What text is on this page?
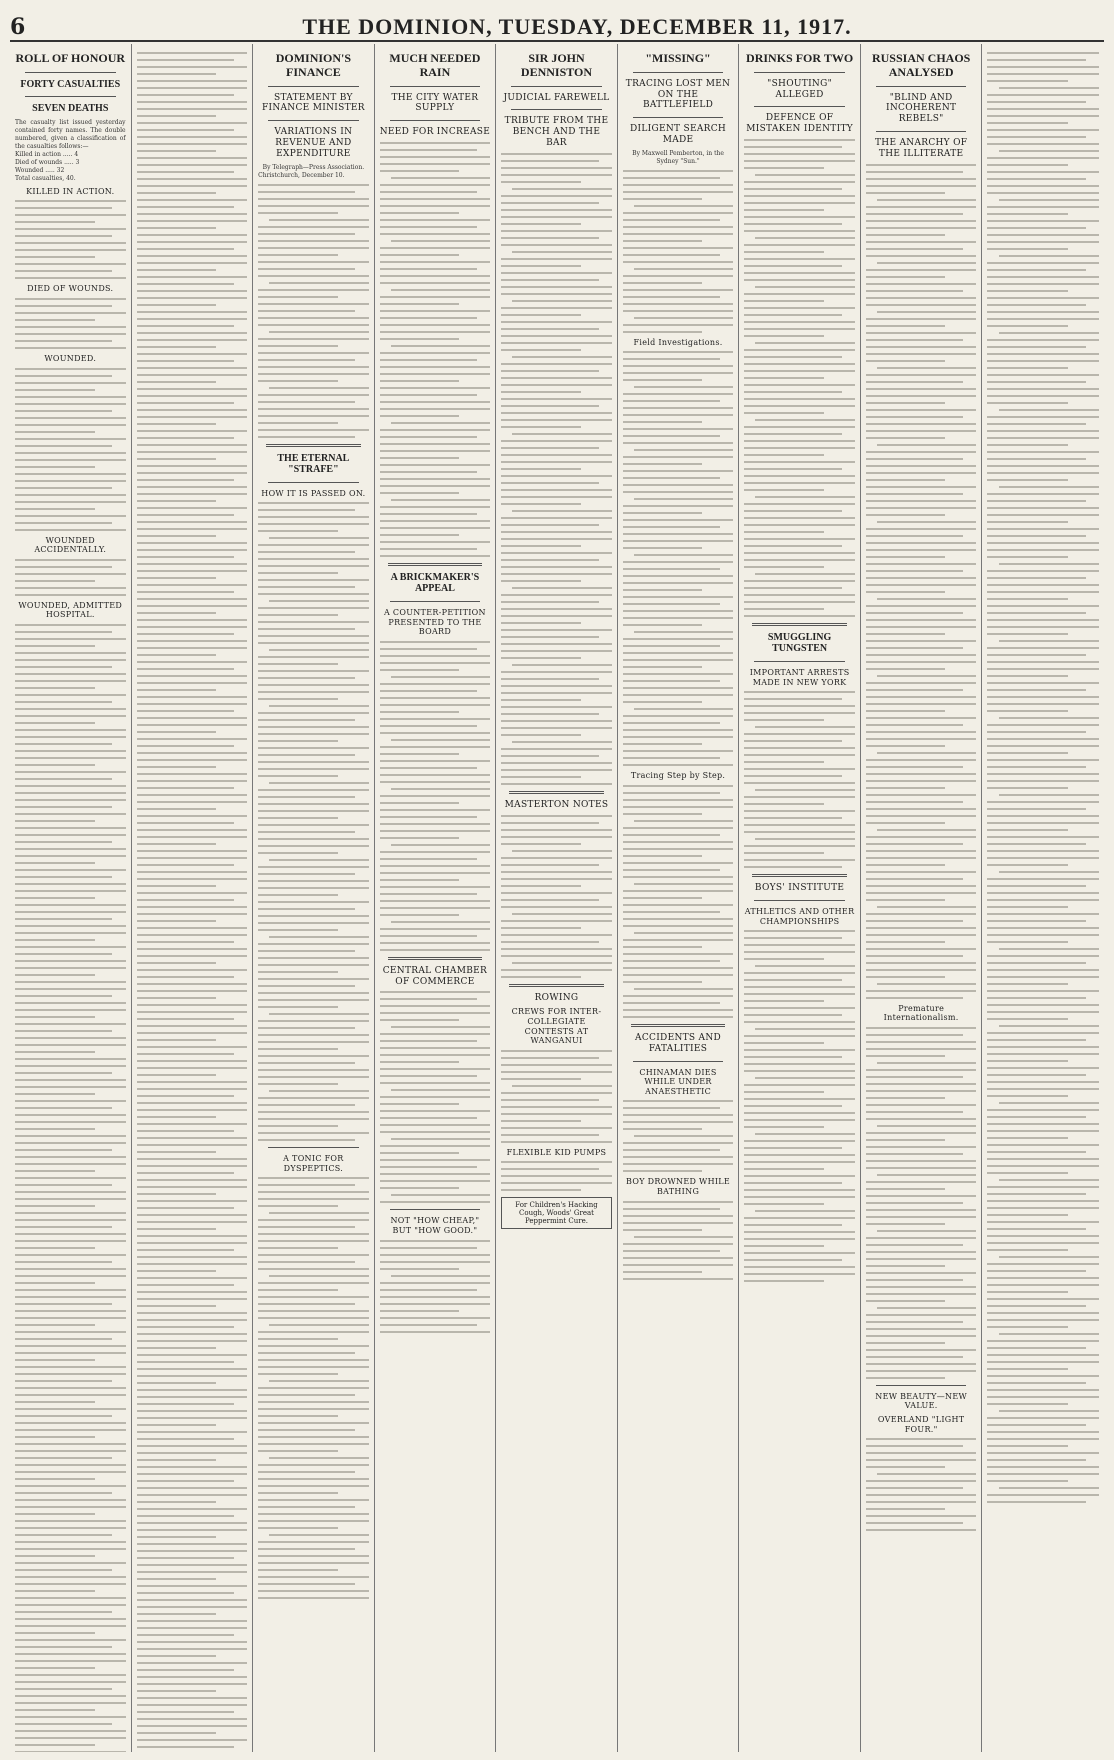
6	THE DOMINION, TUESDAY, DECEMBER 11, 1917.
ROLL OF HONOUR
FORTY CASUALTIES
SEVEN DEATHS
The casualty list issued yesterday contained forty names. The double numbered, given a classification of the casualties follows:—
Killed in action ..... 4
Died of wounds ..... 3
Wounded ..... 32
Total casualties, 40.
KILLED IN ACTION.
DIED OF WOUNDS.
WOUNDED.
WOUNDED ACCIDENTALLY.
WOUNDED, ADMITTED HOSPITAL.
DOMINION'S FINANCE
STATEMENT BY FINANCE MINISTER
VARIATIONS IN REVENUE AND EXPENDITURE
By Telegraph—Press Association.
Christchurch, December 10.
THE ETERNAL "STRAFE"
HOW IT IS PASSED ON.
A TONIC FOR DYSPEPTICS.
MUCH NEEDED RAIN
THE CITY WATER SUPPLY
NEED FOR INCREASE
A BRICKMAKER'S APPEAL
A COUNTER-PETITION PRESENTED TO THE BOARD
CENTRAL CHAMBER OF COMMERCE
NOT "HOW CHEAP," BUT "HOW GOOD."
SIR JOHN DENNISTON
JUDICIAL FAREWELL
TRIBUTE FROM THE BENCH AND THE BAR
MASTERTON NOTES
ROWING
CREWS FOR INTER-COLLEGIATE CONTESTS AT WANGANUI
FLEXIBLE KID PUMPS
For Children's Hacking Cough, Woods' Great Peppermint Cure.
"MISSING"
TRACING LOST MEN ON THE BATTLEFIELD
DILIGENT SEARCH MADE
By Maxwell Pemberton, in the Sydney "Sun."
Field Investigations.
Tracing Step by Step.
ACCIDENTS AND FATALITIES
CHINAMAN DIES WHILE UNDER ANAESTHETIC
BOY DROWNED WHILE BATHING
DRINKS FOR TWO
"SHOUTING" ALLEGED
DEFENCE OF MISTAKEN IDENTITY
SMUGGLING TUNGSTEN
IMPORTANT ARRESTS MADE IN NEW YORK
BOYS' INSTITUTE
ATHLETICS AND OTHER CHAMPIONSHIPS
RUSSIAN CHAOS ANALYSED
"BLIND AND INCOHERENT REBELS"
THE ANARCHY OF THE ILLITERATE
Premature Internationalism.
NEW BEAUTY—NEW VALUE.
OVERLAND "LIGHT FOUR."
